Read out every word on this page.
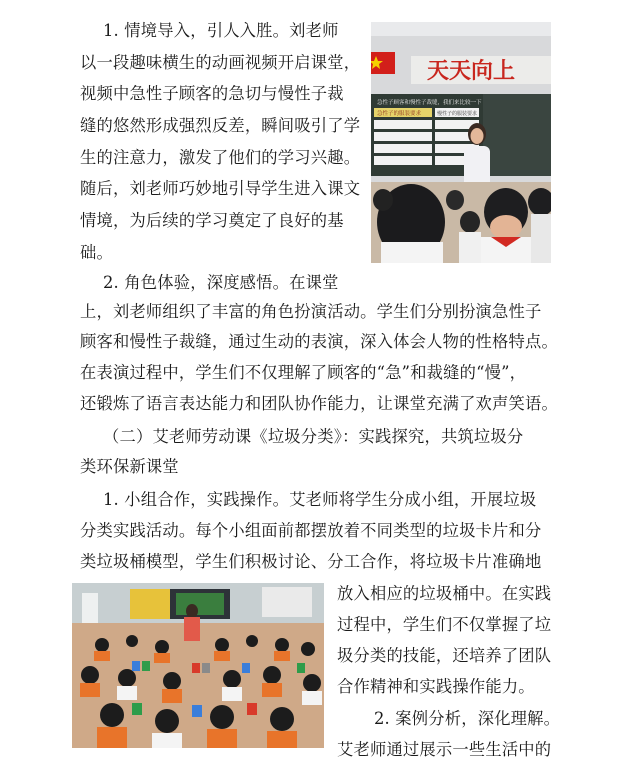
1. 情境导入，引人入胜。刘老师
以一段趣味横生的动画视频开启课堂，
视频中急性子顾客的急切与慢性子裁
缝的悠然形成强烈反差，瞬间吸引了学
生的注意力，激发了他们的学习兴趣。
随后，刘老师巧妙地引导学生进入课文
情境，为后续的学习奠定了良好的基
础。
2. 角色体验，深度感悟。在课堂
上，刘老师组织了丰富的角色扮演活动。学生们分别扮演急性子
顾客和慢性子裁缝，通过生动的表演，深入体会人物的性格特点。
在表演过程中，学生们不仅理解了顾客的“急”和裁缝的“慢”，
还锻炼了语言表达能力和团队协作能力，让课堂充满了欢声笑语。
（二）艾老师劳动课《垃圾分类》：实践探究，共筑垃圾分
类环保新课堂
1. 小组合作，实践操作。艾老师将学生分成小组，开展垃圾
分类实践活动。每个小组面前都摆放着不同类型的垃圾卡片和分
类垃圾桶模型，学生们积极讨论、分工合作，将垃圾卡片准确地
放入相应的垃圾桶中。在实践
过程中，学生们不仅掌握了垃
圾分类的技能，还培养了团队
合作精神和实践操作能力。
2. 案例分析，深化理解。
艾老师通过展示一些生活中的
天天向上
急性子顾客和慢性子裁缝，我们来比较一下
急性子的服装要求	慢性子的服装要求
